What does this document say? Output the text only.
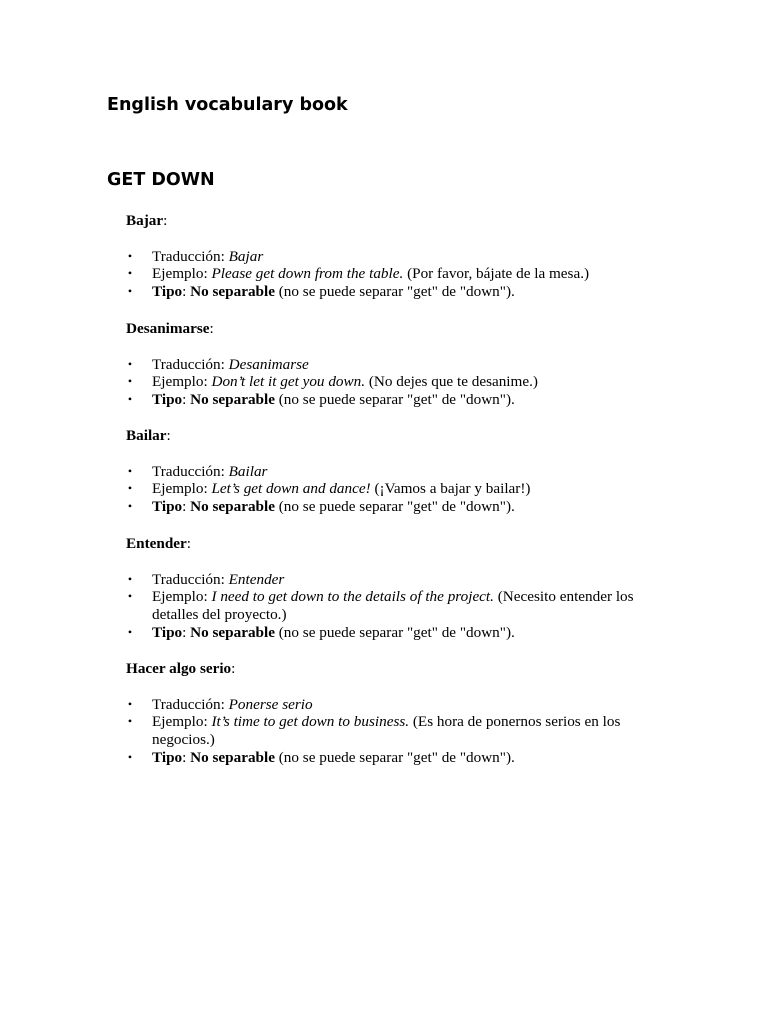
English vocabulary book
GET DOWN

Bajar:

• Traducción: Bajar
• Ejemplo: Please get down from the table. (Por favor, bájate de la mesa.)
• Tipo: No separable (no se puede separar "get" de "down").

Desanimarse:

• Traducción: Desanimarse
• Ejemplo: Don’t let it get you down. (No dejes que te desanime.)
• Tipo: No separable (no se puede separar "get" de "down").

Bailar:

• Traducción: Bailar
• Ejemplo: Let’s get down and dance! (¡Vamos a bajar y bailar!)
• Tipo: No separable (no se puede separar "get" de "down").

Entender:

• Traducción: Entender
• Ejemplo: I need to get down to the details of the project. (Necesito entender los detalles del proyecto.)
• Tipo: No separable (no se puede separar "get" de "down").

Hacer algo serio:

• Traducción: Ponerse serio
• Ejemplo: It’s time to get down to business. (Es hora de ponernos serios en los negocios.)
• Tipo: No separable (no se puede separar "get" de "down").
